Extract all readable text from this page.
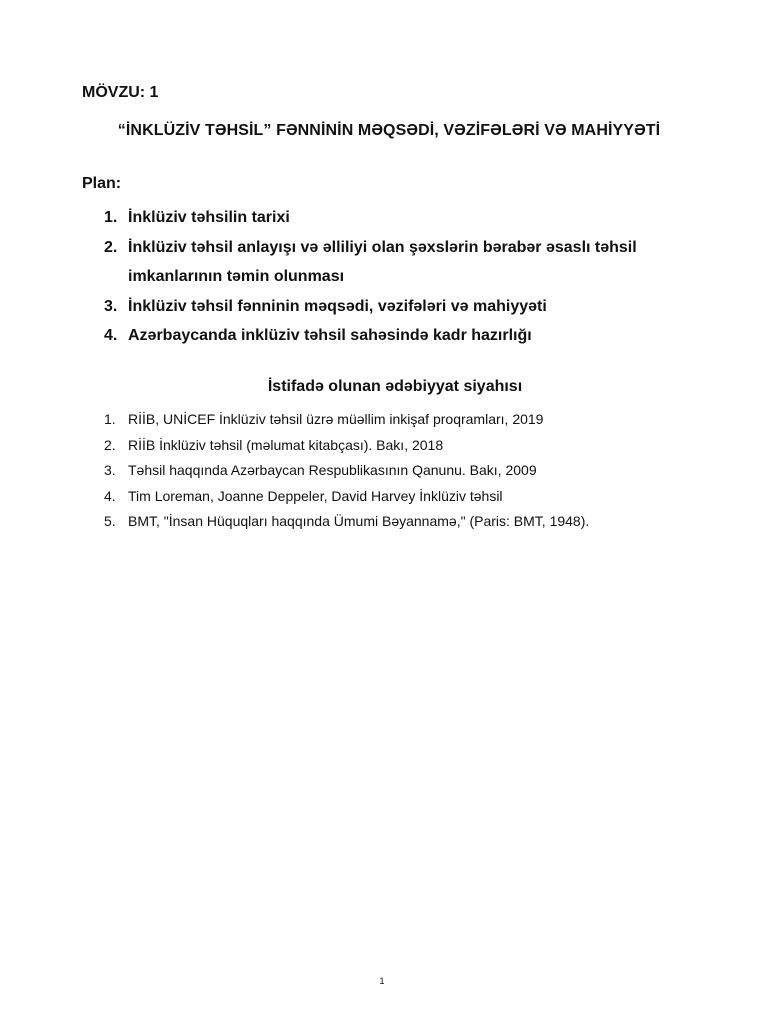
MÖVZU: 1
“İNKLÜZİV TƏHSİL” FƏNNİNİN MƏQSƏDİ, VƏZİFƏLƏRİ VƏ MAHİYYƏTİ
Plan:
1. İnklüziv təhsilin tarixi
2. İnklüziv təhsil anlayışı və əlliliyi olan şəxslərin bərabər əsaslı təhsil imkanlarının təmin olunması
3. İnklüziv təhsil fənninin məqsədi, vəzifələri və mahiyyəti
4. Azərbaycanda inklüziv təhsil sahəsində kadr hazırlığı
İstifadə olunan ədəbiyyat siyahısı
1. RİİB, UNİCEF İnklüziv təhsil üzrə müəllim inkişaf proqramları, 2019
2. RİİB İnklüziv təhsil (məlumat kitabçası). Bakı, 2018
3. Təhsil haqqında Azərbaycan Respublikasının Qanunu. Bakı, 2009
4. Tim Loreman, Joanne Deppeler, David Harvey İnklüziv təhsil
5. BMT, "İnsan Hüquqları haqqında Ümumi Bəyannamə," (Paris: BMT, 1948).
1
